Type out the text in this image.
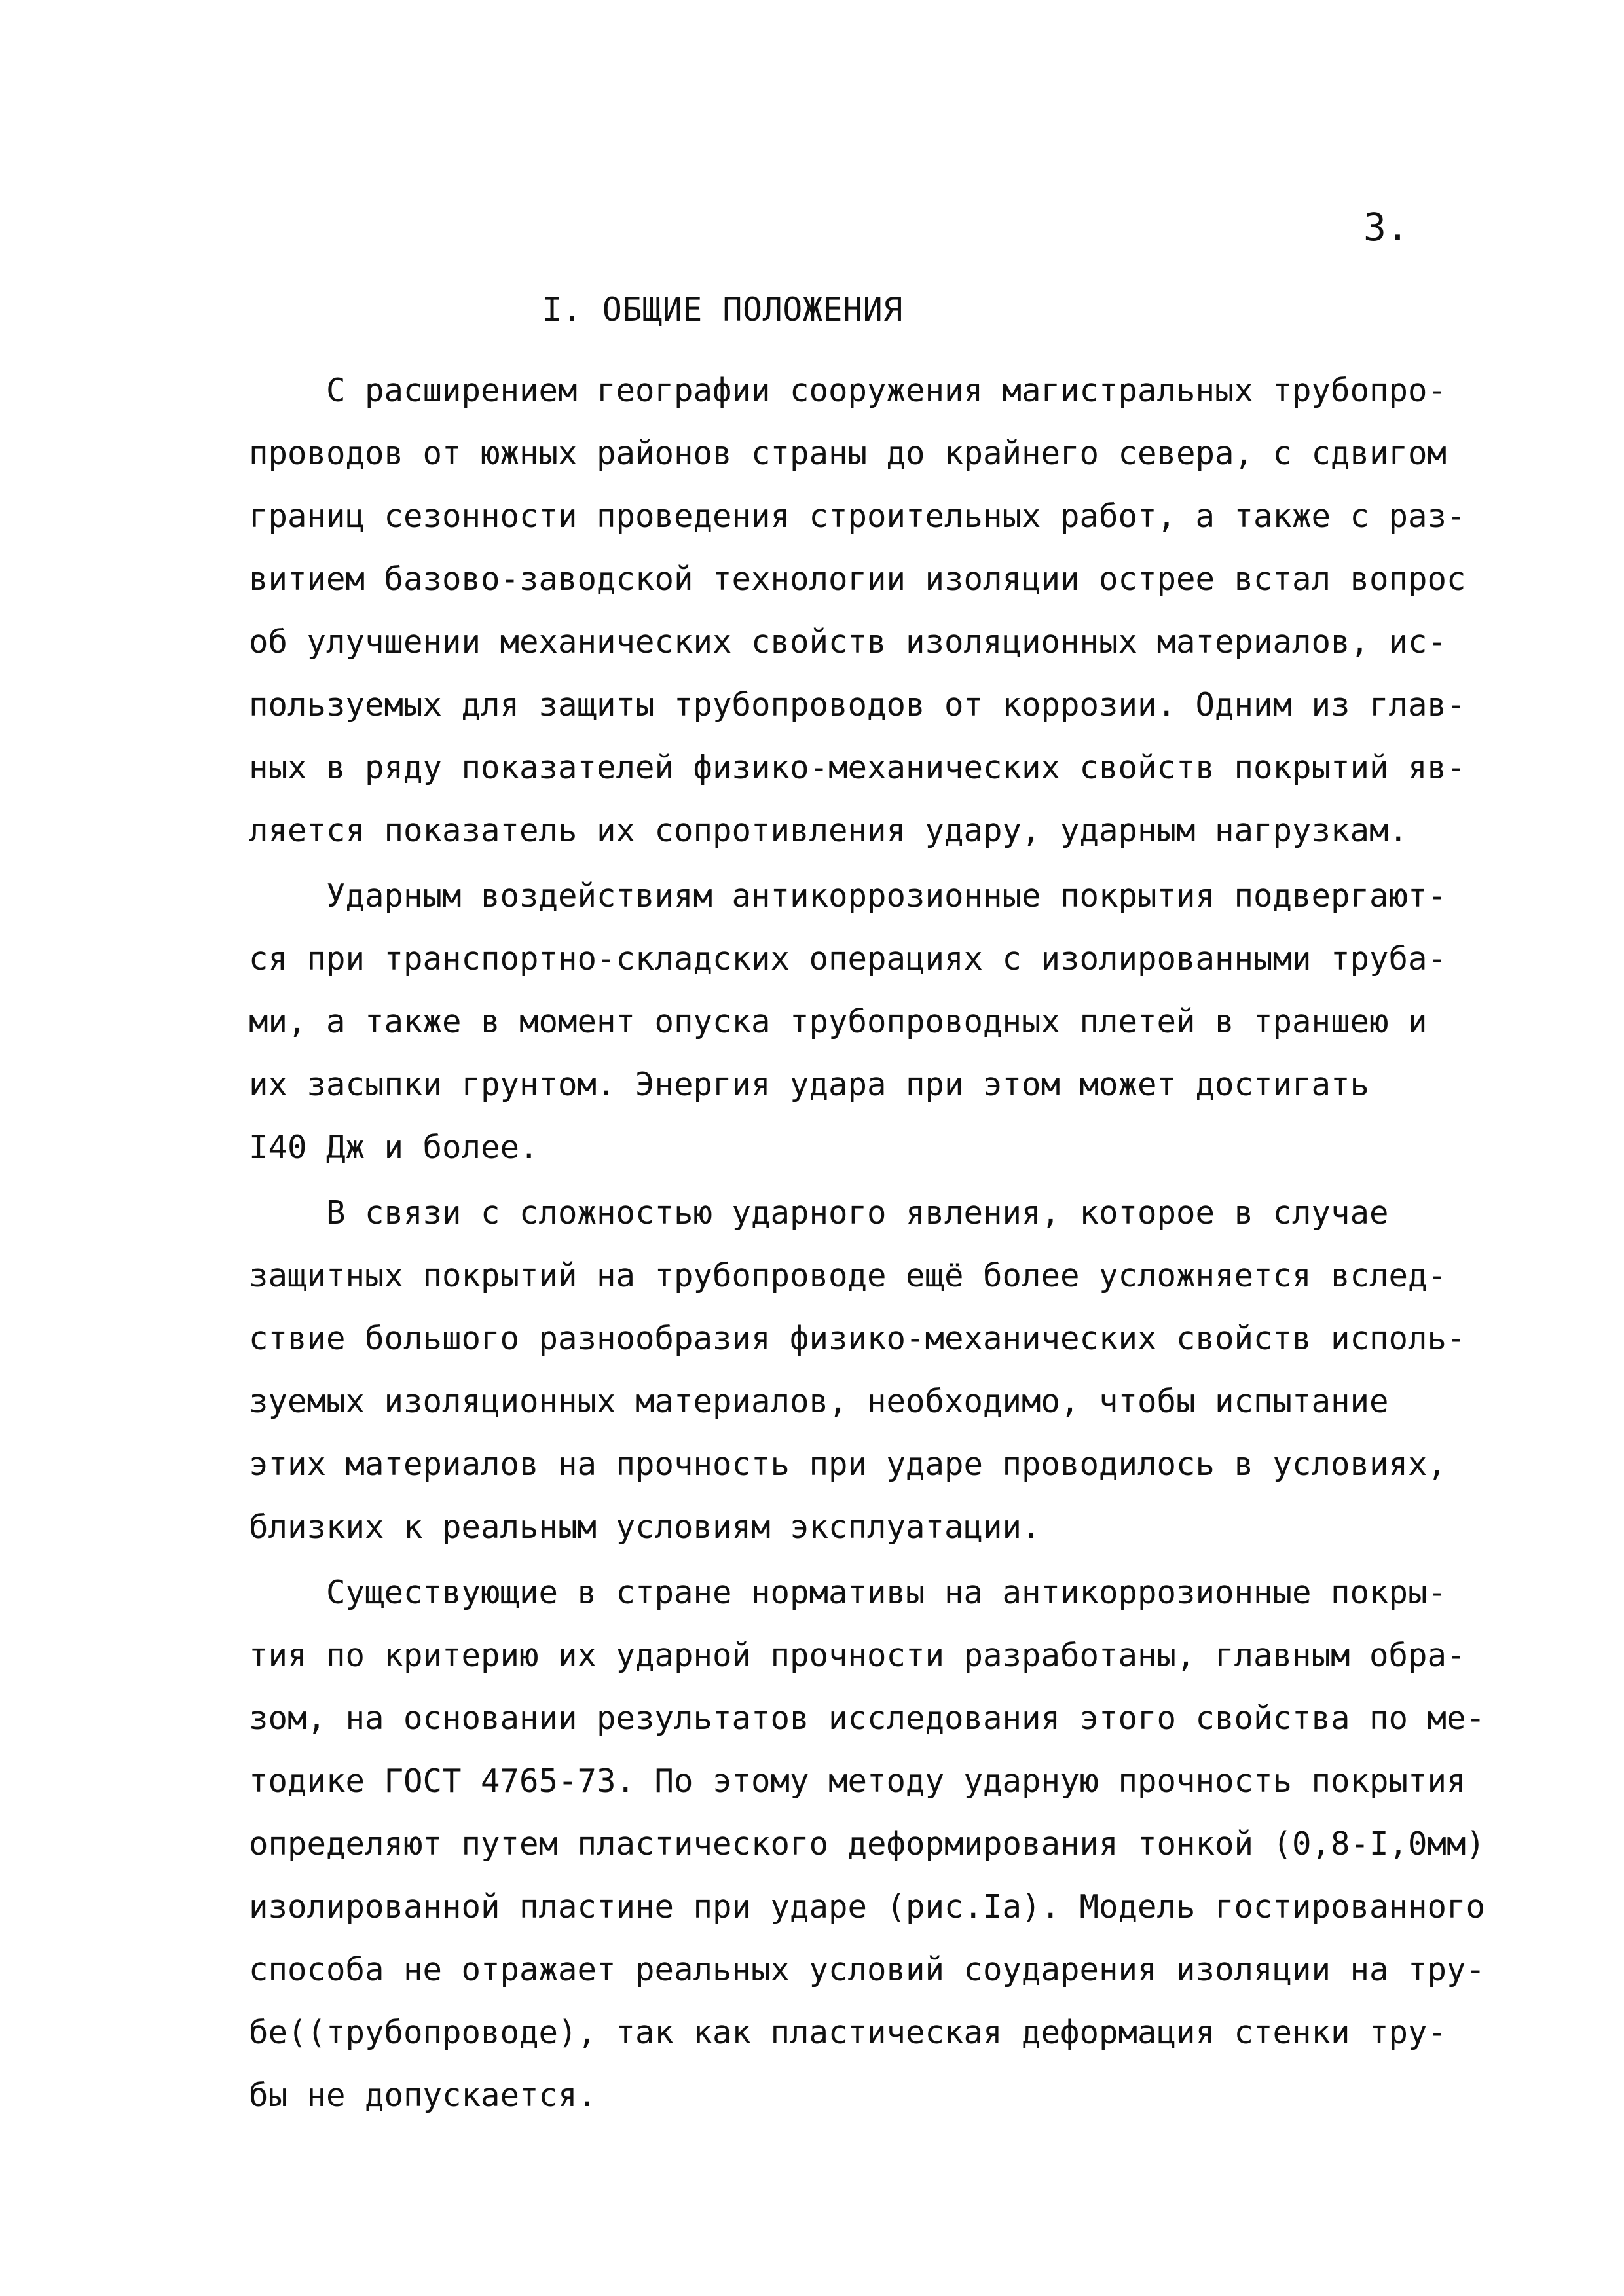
3.
I. ОБЩИЕ ПОЛОЖЕНИЯ

С расширением географии сооружения магистральных трубопро-

проводов от южных районов страны до крайнего севера, с сдвигом

границ сезонности проведения строительных работ, а также с раз-

витием базово-заводской технологии изоляции острее встал вопрос

об улучшении механических свойств изоляционных материалов, ис-

пользуемых для защиты трубопроводов от коррозии. Одним из глав-

ных в ряду показателей физико-механических свойств покрытий яв-

ляется показатель их сопротивления удару, ударным нагрузкам.

Ударным воздействиям антикоррозионные покрытия подвергают-

ся при транспортно-складских операциях с изолированными труба-

ми, а также в момент опуска трубопроводных плетей в траншею и

их засыпки грунтом. Энергия удара при этом может достигать

I40 Дж и более.

В связи с сложностью ударного явления, которое в случае

защитных покрытий на трубопроводе ещё более усложняется вслед-

ствие большого разнообразия физико-механических свойств исполь-

зуемых изоляционных материалов, необходимо, чтобы испытание

этих материалов на прочность при ударе проводилось в условиях,

близких к реальным условиям эксплуатации.

Существующие в стране нормативы на антикоррозионные покры-

тия по критерию их ударной прочности разработаны, главным обра-

зом, на основании результатов исследования этого свойства по ме-

тодике ГОСТ 4765-73. По этому методу ударную прочность покрытия

определяют путем пластического деформирования тонкой (0,8-I,0мм)

изолированной пластине при ударе (рис.Iа). Модель гостированного

способа не отражает реальных условий соударения изоляции на тру-

бе((трубопроводе), так как пластическая деформация стенки тру-

бы не допускается.
